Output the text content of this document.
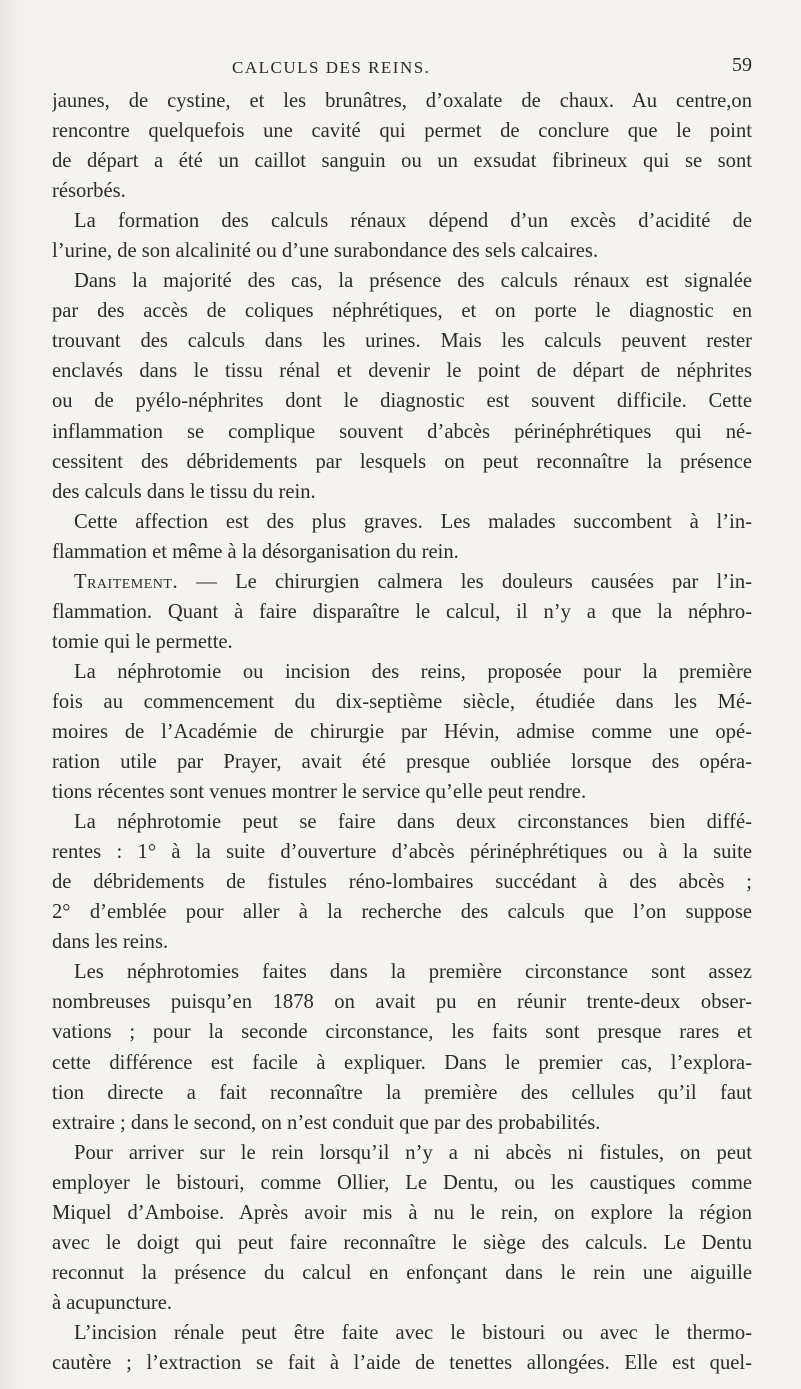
CALCULS DES REINS.	59
jaunes, de cystine, et les brunâtres, d’oxalate de chaux. Au centre,on
rencontre quelquefois une cavité qui permet de conclure que le point
de départ a été un caillot sanguin ou un exsudat fibrineux qui se sont
résorbés.
La formation des calculs rénaux dépend d’un excès d’acidité de
l’urine, de son alcalinité ou d’une surabondance des sels calcaires.
Dans la majorité des cas, la présence des calculs rénaux est signalée
par des accès de coliques néphrétiques, et on porte le diagnostic en
trouvant des calculs dans les urines. Mais les calculs peuvent rester
enclavés dans le tissu rénal et devenir le point de départ de néphrites
ou de pyélo-néphrites dont le diagnostic est souvent difficile. Cette
inflammation se complique souvent d’abcès périnéphrétiques qui né-
cessitent des débridements par lesquels on peut reconnaître la présence
des calculs dans le tissu du rein.
Cette affection est des plus graves. Les malades succombent à l’in-
flammation et même à la désorganisation du rein.
Traitement. — Le chirurgien calmera les douleurs causées par l’in-
flammation. Quant à faire disparaître le calcul, il n’y a que la néphro-
tomie qui le permette.
La néphrotomie ou incision des reins, proposée pour la première
fois au commencement du dix-septième siècle, étudiée dans les Mé-
moires de l’Académie de chirurgie par Hévin, admise comme une opé-
ration utile par Prayer, avait été presque oubliée lorsque des opéra-
tions récentes sont venues montrer le service qu’elle peut rendre.
La néphrotomie peut se faire dans deux circonstances bien diffé-
rentes : 1° à la suite d’ouverture d’abcès périnéphrétiques ou à la suite
de débridements de fistules réno-lombaires succédant à des abcès ;
2° d’emblée pour aller à la recherche des calculs que l’on suppose
dans les reins.
Les néphrotomies faites dans la première circonstance sont assez
nombreuses puisqu’en 1878 on avait pu en réunir trente-deux obser-
vations ; pour la seconde circonstance, les faits sont presque rares et
cette différence est facile à expliquer. Dans le premier cas, l’explora-
tion directe a fait reconnaître la première des cellules qu’il faut
extraire ; dans le second, on n’est conduit que par des probabilités.
Pour arriver sur le rein lorsqu’il n’y a ni abcès ni fistules, on peut
employer le bistouri, comme Ollier, Le Dentu, ou les caustiques comme
Miquel d’Amboise. Après avoir mis à nu le rein, on explore la région
avec le doigt qui peut faire reconnaître le siège des calculs. Le Dentu
reconnut la présence du calcul en enfonçant dans le rein une aiguille
à acupuncture.
L’incision rénale peut être faite avec le bistouri ou avec le thermo-
cautère ; l’extraction se fait à l’aide de tenettes allongées. Elle est quel-
